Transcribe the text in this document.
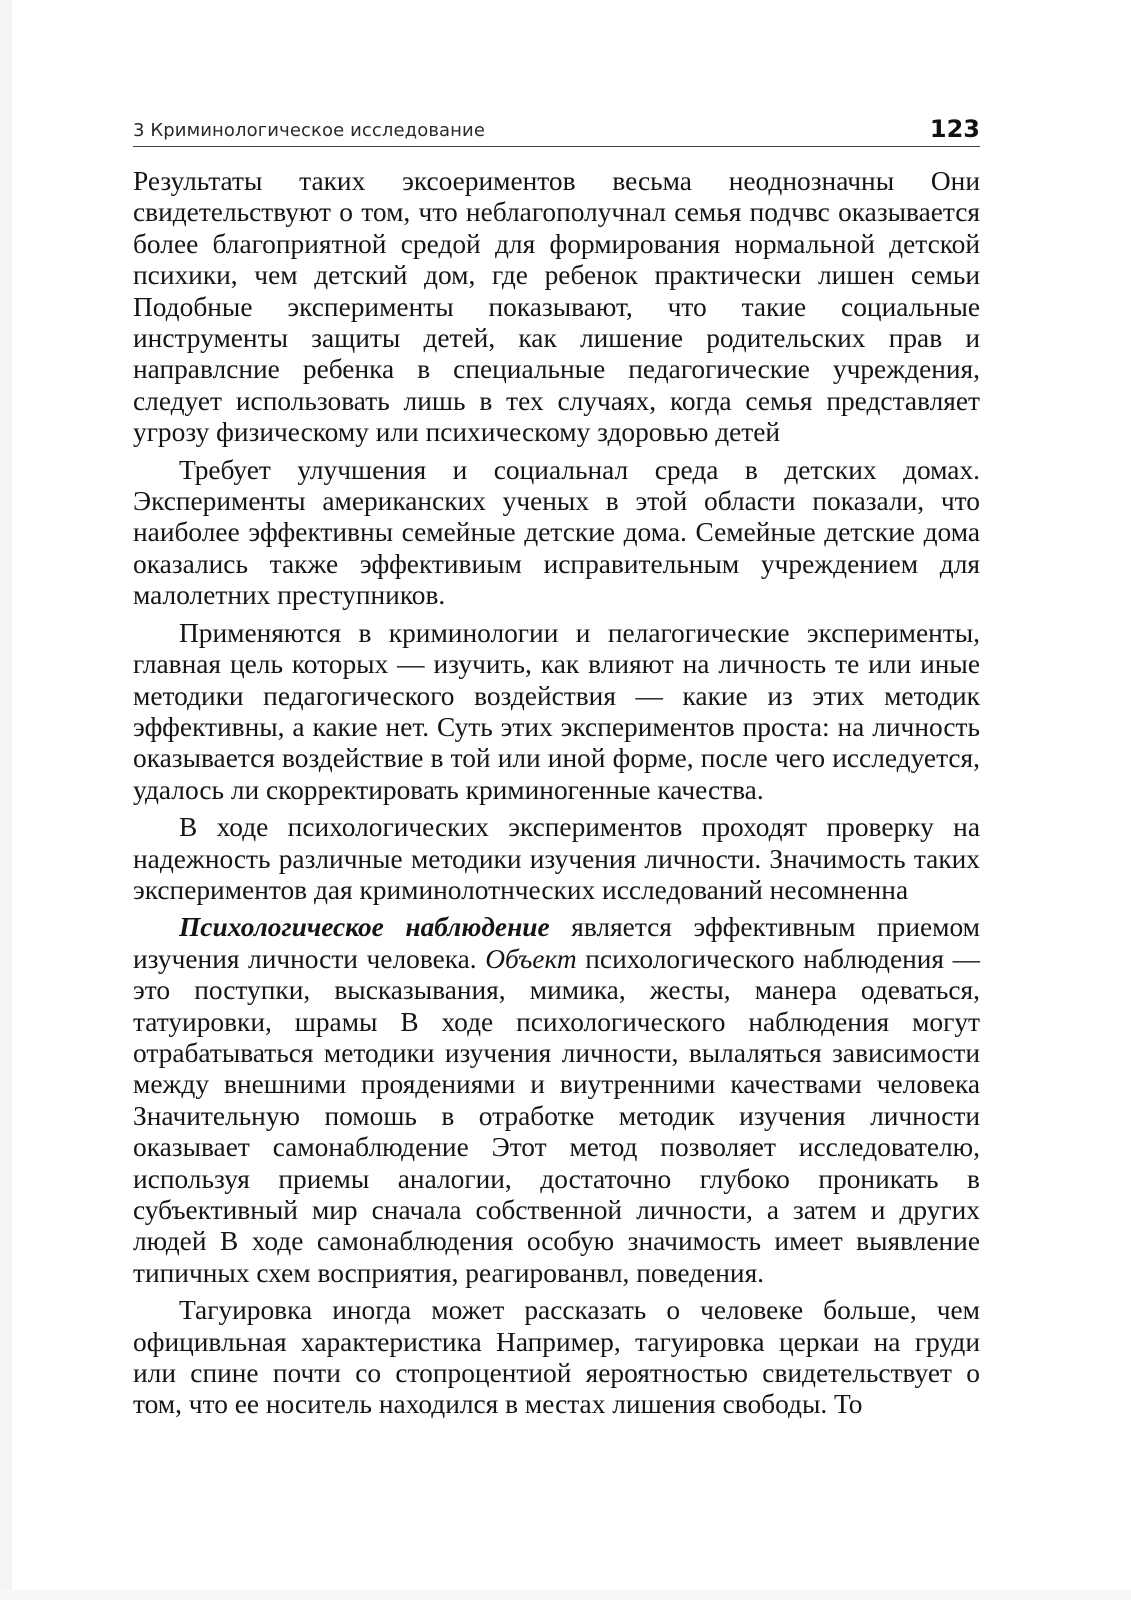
3 Криминологическое исследование	123

Результаты таких эксоериментов весьма неоднозначны Они свидетельствуют о том, что неблагополучнал семья подчвс оказывается более благоприятной средой для формирования нормальной детской психики, чем детский дом, где ребенок практически лишен семьи Подобные эксперименты показывают, что такие социальные инструменты защиты детей, как лишение родительских прав и направлсние ребенка в специальные педагогические учреждения, следует использовать лишь в тех случаях, когда семья представляет угрозу физическому или психическому здоровью детей

Требует улучшения и социальнал среда в детских домах. Эксперименты американских ученых в этой области показали, что наиболее эффективны семейные детские дома. Семейные детские дома оказались также эффективиым исправительным учреждением для малолетних преступников.

Применяются в криминологии и пелагогические эксперименты, главная цель которых — изучить, как влияют на личность те или иные методики педагогического воздействия — какие из этих методик эффективны, а какие нет. Суть этих экспериментов проста: на личность оказывается воздействие в той или иной форме, после чего исследуется, удалось ли скорректировать криминогенные качества.

В ходе психологических экспериментов проходят проверку на надежность различные методики изучения личности. Значимость таких экспериментов дая криминолотнческих исследований несомненна

Психологическое наблюдение является эффективным приемом изучения личности человека. Объект психологического наблюдения — это поступки, высказывания, мимика, жесты, манера одеваться, татуировки, шрамы В ходе психологического наблюдения могут отрабатываться методики изучения личности, вылаляться зависимости между внешними проядениями и виутренними качествами человека Значительную помошь в отработке методик изучения личности оказывает самонаблюдение Этот метод позволяет исследователю, используя приемы аналогии, достаточно глубоко проникать в субъективный мир сначала собственной личности, а затем и других людей В ходе самонаблюдения особую значимость имеет выявление типичных схем восприятия, реагированвл, поведения.

Тагуировка иногда может рассказать о человеке больше, чем официвльная характеристика Например, тагуировка церкаи на груди или спине почти со стопроцентиой яероятностью свидетельствует о том, что ее носитель находился в местах лишения свободы. То
